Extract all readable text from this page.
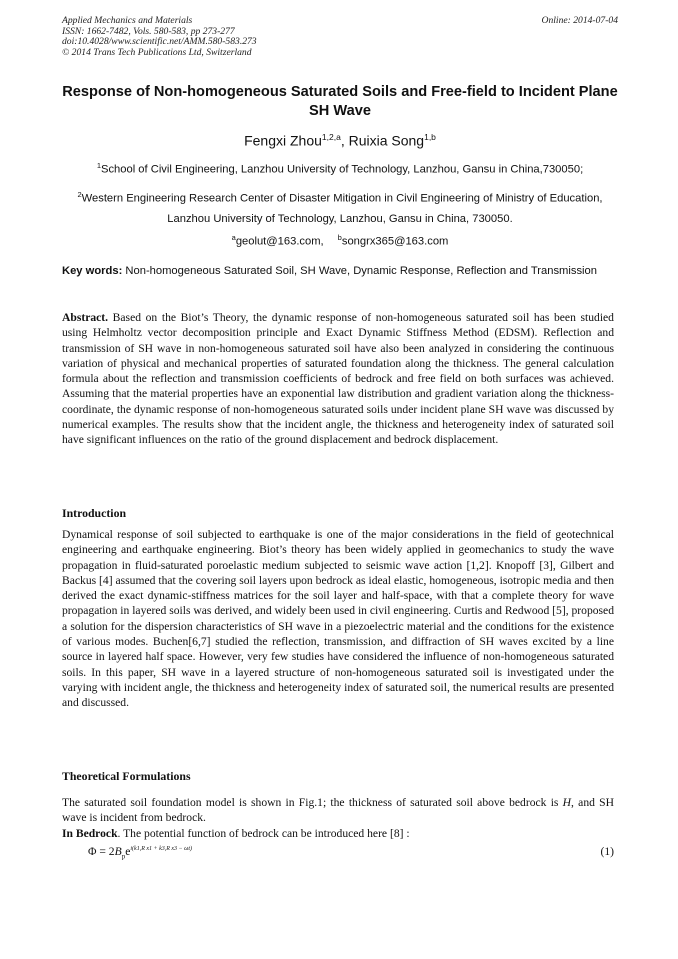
Applied Mechanics and Materials
ISSN: 1662-7482, Vols. 580-583, pp 273-277
doi:10.4028/www.scientific.net/AMM.580-583.273
© 2014 Trans Tech Publications Ltd, Switzerland
Online: 2014-07-04
Response of Non-homogeneous Saturated Soils and Free-field to Incident Plane SH Wave
Fengxi Zhou$^{1,2,a}$, Ruixia Song$^{1,b}$
$^1$School of Civil Engineering, Lanzhou University of Technology, Lanzhou, Gansu in China,730050;
$^2$Western Engineering Research Center of Disaster Mitigation in Civil Engineering of Ministry of Education, Lanzhou University of Technology, Lanzhou, Gansu in China, 730050.
$^a$geolut@163.com, $^b$songrx365@163.com
Key words: Non-homogeneous Saturated Soil, SH Wave, Dynamic Response, Reflection and Transmission
Abstract. Based on the Biot’s Theory, the dynamic response of non-homogeneous saturated soil has been studied using Helmholtz vector decomposition principle and Exact Dynamic Stiffness Method (EDSM). Reflection and transmission of SH wave in non-homogeneous saturated soil have also been analyzed in considering the continuous variation of physical and mechanical properties of saturated foundation along the thickness. The general calculation formula about the reflection and transmission coefficients of bedrock and free field on both surfaces was achieved. Assuming that the material properties have an exponential law distribution and gradient variation along the thickness-coordinate, the dynamic response of non-homogeneous saturated soils under incident plane SH wave was discussed by numerical examples. The results show that the incident angle, the thickness and heterogeneity index of saturated soil have significant influences on the ratio of the ground displacement and bedrock displacement.
Introduction
Dynamical response of soil subjected to earthquake is one of the major considerations in the field of geotechnical engineering and earthquake engineering. Biot’s theory has been widely applied in geomechanics to study the wave propagation in fluid-saturated poroelastic medium subjected to seismic wave action [1,2]. Knopoff [3], Gilbert and Backus [4] assumed that the covering soil layers upon bedrock as ideal elastic, homogeneous, isotropic media and then derived the exact dynamic-stiffness matrices for the soil layer and half-space, with that a complete theory for wave propagation in layered soils was derived, and widely been used in civil engineering. Curtis and Redwood [5], proposed a solution for the dispersion characteristics of SH wave in a piezoelectric material and the conditions for the existence of various modes. Buchen[6,7] studied the reflection, transmission, and diffraction of SH waves excited by a line source in layered half space. However, very few studies have considered the influence of non-homogeneous saturated soils. In this paper, SH wave in a layered structure of non-homogeneous saturated soil is investigated under the varying with incident angle, the thickness and heterogeneity index of saturated soil, the numerical results are presented and discussed.
Theoretical Formulations
The saturated soil foundation model is shown in Fig.1; the thickness of saturated soil above bedrock is H, and SH wave is incident from bedrock.
In Bedrock. The potential function of bedrock can be introduced here [8] :
$\Phi = 2B_pe^{i(k1,R x1 + k3,R x3 - \omega t)}$	(1)
